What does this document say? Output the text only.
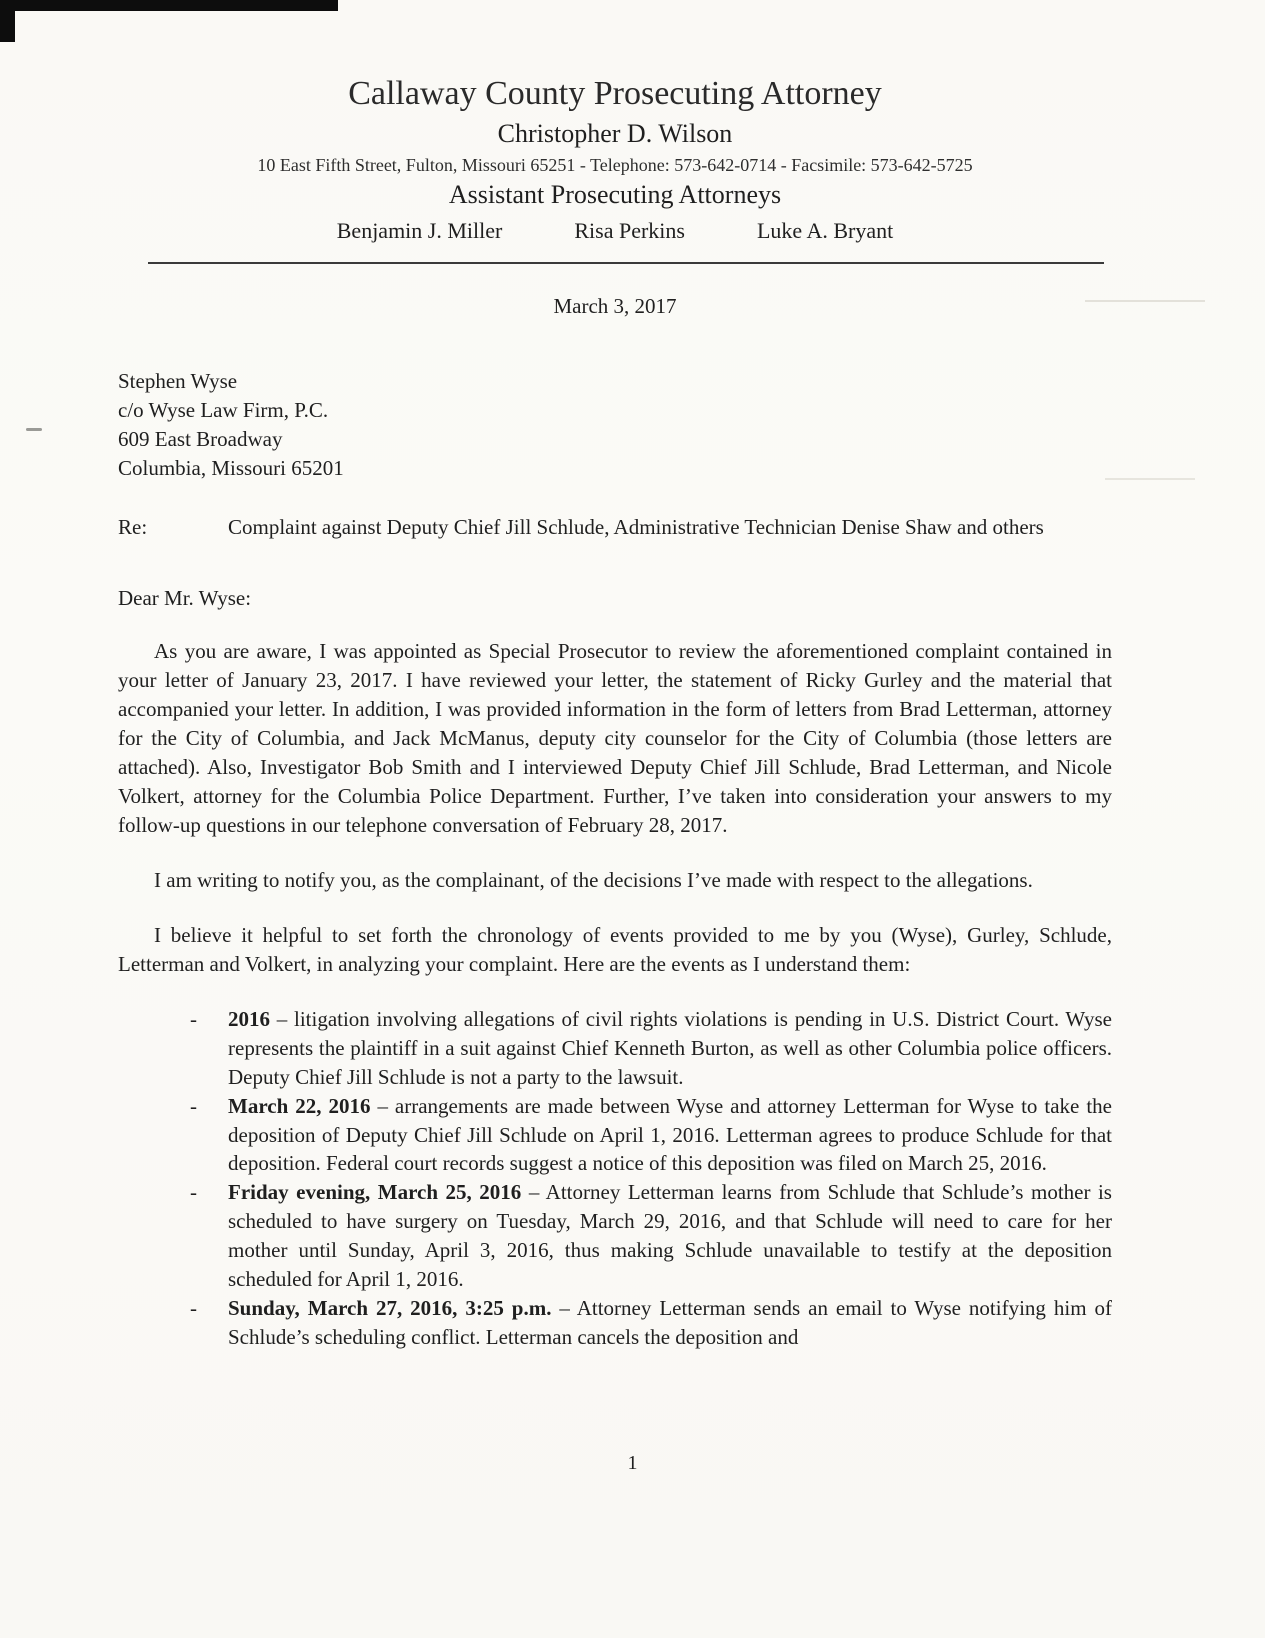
Callaway County Prosecuting Attorney
Christopher D. Wilson
10 East Fifth Street, Fulton, Missouri 65251 - Telephone: 573-642-0714 - Facsimile: 573-642-5725
Assistant Prosecuting Attorneys
Benjamin J. Miller	Risa Perkins	Luke A. Bryant
March 3, 2017
Stephen Wyse
c/o Wyse Law Firm, P.C.
609 East Broadway
Columbia, Missouri 65201
Re:	Complaint against Deputy Chief Jill Schlude, Administrative Technician Denise Shaw and others
Dear Mr. Wyse:

As you are aware, I was appointed as Special Prosecutor to review the aforementioned complaint contained in your letter of January 23, 2017. I have reviewed your letter, the statement of Ricky Gurley and the material that accompanied your letter. In addition, I was provided information in the form of letters from Brad Letterman, attorney for the City of Columbia, and Jack McManus, deputy city counselor for the City of Columbia (those letters are attached). Also, Investigator Bob Smith and I interviewed Deputy Chief Jill Schlude, Brad Letterman, and Nicole Volkert, attorney for the Columbia Police Department. Further, I’ve taken into consideration your answers to my follow-up questions in our telephone conversation of February 28, 2017.

I am writing to notify you, as the complainant, of the decisions I’ve made with respect to the allegations.

I believe it helpful to set forth the chronology of events provided to me by you (Wyse), Gurley, Schlude, Letterman and Volkert, in analyzing your complaint. Here are the events as I understand them:

- 2016 – litigation involving allegations of civil rights violations is pending in U.S. District Court. Wyse represents the plaintiff in a suit against Chief Kenneth Burton, as well as other Columbia police officers. Deputy Chief Jill Schlude is not a party to the lawsuit.
- March 22, 2016 – arrangements are made between Wyse and attorney Letterman for Wyse to take the deposition of Deputy Chief Jill Schlude on April 1, 2016. Letterman agrees to produce Schlude for that deposition. Federal court records suggest a notice of this deposition was filed on March 25, 2016.
- Friday evening, March 25, 2016 – Attorney Letterman learns from Schlude that Schlude’s mother is scheduled to have surgery on Tuesday, March 29, 2016, and that Schlude will need to care for her mother until Sunday, April 3, 2016, thus making Schlude unavailable to testify at the deposition scheduled for April 1, 2016.
- Sunday, March 27, 2016, 3:25 p.m. – Attorney Letterman sends an email to Wyse notifying him of Schlude’s scheduling conflict. Letterman cancels the deposition and
1
